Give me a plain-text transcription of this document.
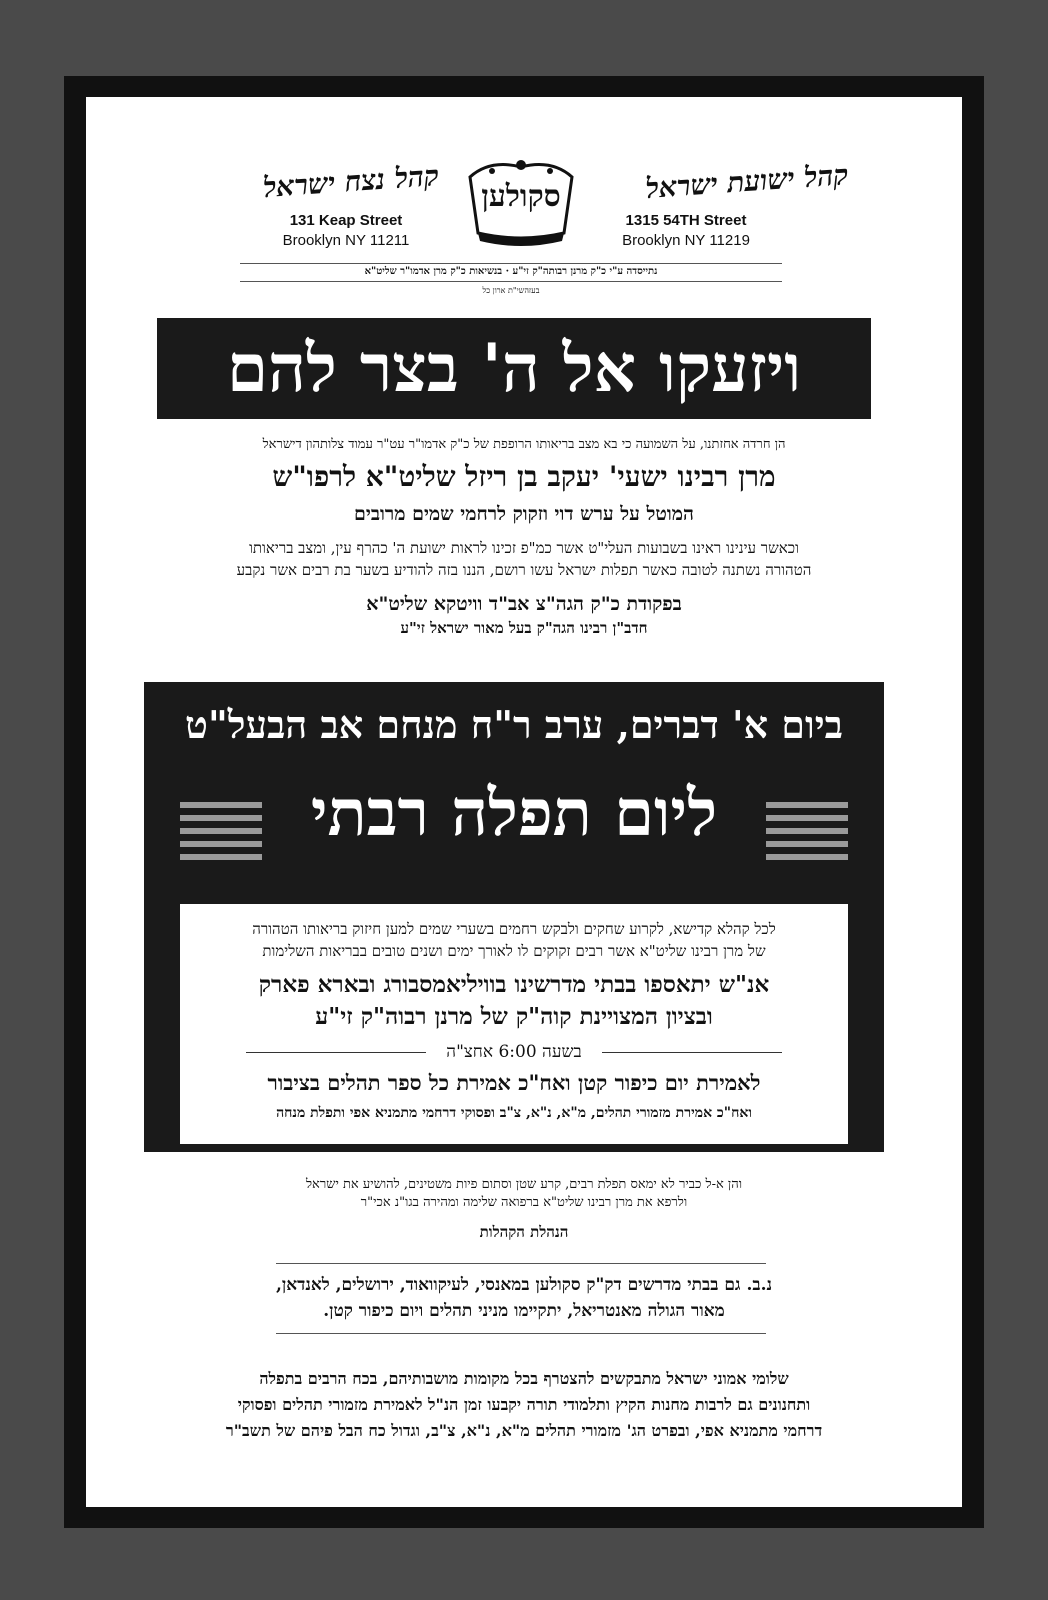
קהל ישועת ישראל
1315 54TH Street
Brooklyn NY 11219
סקולען
קהל נצח ישראל
131 Keap Street
Brooklyn NY 11211
נתייסדה ע"י כ"ק מרנן רבותה"ק זי"ע · בנשיאות כ"ק מרן אדמו"ר שליט"א
בעזהשי"ת ארון כל
ויזעקו אל ה' בצר להם
הן חרדה אחזתנו, על השמועה כי בא מצב בריאותו הרופפת של כ"ק אדמו"ר עט"ר עמוד צלותהון דישראל
מרן רבינו ישעי' יעקב בן ריזל שליט"א לרפו"ש
המוטל על ערש דוי וזקוק לרחמי שמים מרובים
וכאשר עינינו ראינו בשבועות העלי"ט אשר כמ"פ זכינו לראות ישועת ה' כהרף עין, ומצב בריאותו
הטהורה נשתנה לטובה כאשר תפלות ישראל עשו רושם, הננו בזה להודיע בשער בת רבים אשר נקבע
בפקודת כ"ק הגה"צ אב"ד וויטקא שליט"א
חדב"ן רבינו הגה"ק בעל מאור ישראל זי"ע
ביום א' דברים, ערב ר"ח מנחם אב הבעל"ט
ליום תפלה רבתי
לכל קהלא קדישא, לקרוע שחקים ולבקש רחמים בשערי שמים למען חיזוק בריאותו הטהורה
של מרן רבינו שליט"א אשר רבים זקוקים לו לאורך ימים ושנים טובים בבריאות השלימות
אנ"ש יתאספו בבתי מדרשינו בוויליאמסבורג ובארא פארק
ובציון המצויינת קוה"ק של מרנן רבוה"ק זי"ע
בשעה 6:00 אחצ"ה
לאמירת יום כיפור קטן ואח"כ אמירת כל ספר תהלים בציבור
ואח"כ אמירת מזמורי תהלים, מ"א, נ"א, צ"ב ופסוקי דרחמי מתמניא אפי ותפלת מנחה
והן א-ל כביר לא ימאס תפלת רבים, קרע שטן וסתום פיות משטינים, להושיע את ישראל
ולרפא את מרן רבינו שליט"א ברפואה שלימה ומהירה בגו"נ אכי"ר
הנהלת הקהלות
נ.ב. גם בבתי מדרשים דק"ק סקולען במאנסי, לעיקוואוד, ירושלים, לאנדאן,
מאור הגולה מאנטריאל, יתקיימו מניני תהלים ויום כיפור קטן.
שלומי אמוני ישראל מתבקשים להצטרף בכל מקומות מושבותיהם, בכח הרבים בתפלה
ותחנונים גם לרבות מחנות הקיץ ותלמודי תורה יקבעו זמן הנ"ל לאמירת מזמורי תהלים ופסוקי
דרחמי מתמניא אפי, ובפרט הג' מזמורי תהלים מ"א, נ"א, צ"ב, וגדול כח הבל פיהם של תשב"ר
